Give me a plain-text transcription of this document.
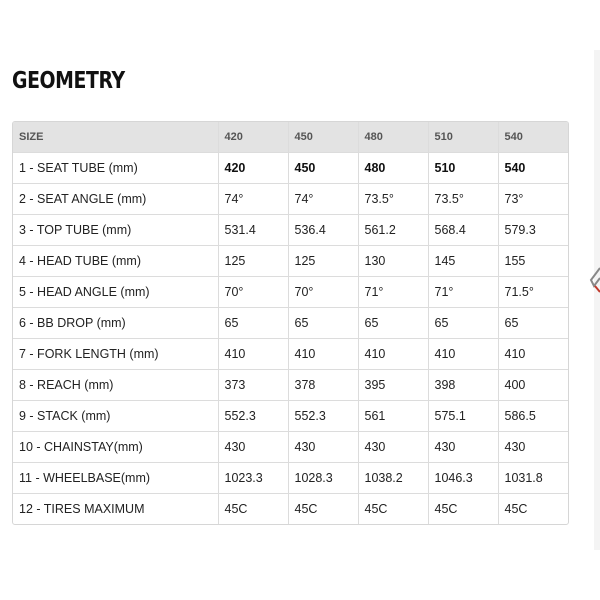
GEOMETRY
SIZE	420	450	480	510	540
1 - SEAT TUBE (mm)	420	450	480	510	540
2 - SEAT ANGLE (mm)	74°	74°	73.5°	73.5°	73°
3 - TOP TUBE (mm)	531.4	536.4	561.2	568.4	579.3
4 - HEAD TUBE (mm)	125	125	130	145	155
5 - HEAD ANGLE (mm)	70°	70°	71°	71°	71.5°
6 - BB DROP (mm)	65	65	65	65	65
7 - FORK LENGTH (mm)	410	410	410	410	410
8 - REACH (mm)	373	378	395	398	400
9 - STACK (mm)	552.3	552.3	561	575.1	586.5
10 - CHAINSTAY(mm)	430	430	430	430	430
11 - WHEELBASE(mm)	1023.3	1028.3	1038.2	1046.3	1031.8
12 - TIRES MAXIMUM	45C	45C	45C	45C	45C
